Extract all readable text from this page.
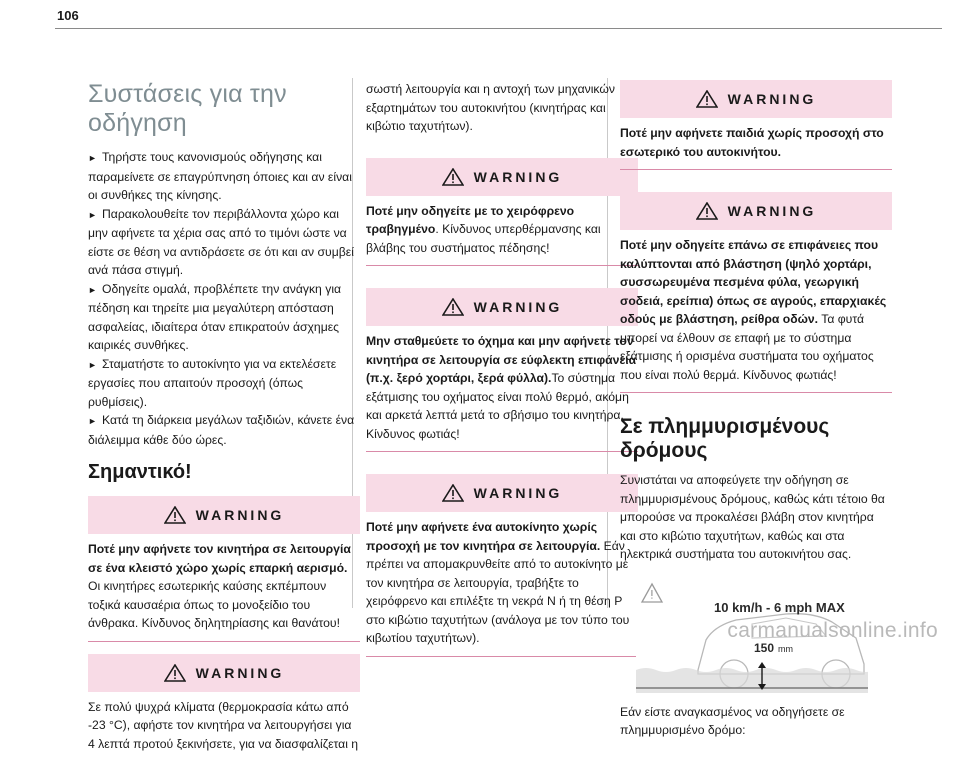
106
Συστάσεις για την οδήγηση

► Τηρήστε τους κανονισμούς οδήγησης και παραμείνετε σε επαγρύπνηση όποιες και αν είναι οι συνθήκες της κίνησης.

► Παρακολουθείτε τον περιβάλλοντα χώρο και μην αφήνετε τα χέρια σας από το τιμόνι ώστε να είστε σε θέση να αντιδράσετε σε ότι και αν συμβεί ανά πάσα στιγμή.

► Οδηγείτε ομαλά, προβλέπετε την ανάγκη για πέδηση και τηρείτε μια μεγαλύτερη απόσταση ασφαλείας, ιδιαίτερα όταν επικρατούν άσχημες καιρικές συνθήκες.

► Σταματήστε το αυτοκίνητο για να εκτελέσετε εργασίες που απαιτούν προσοχή (όπως ρυθμίσεις).

► Κατά τη διάρκεια μεγάλων ταξιδιών, κάνετε ένα διάλειμμα κάθε δύο ώρες.

Σημαντικό!
WARNING
Ποτέ μην αφήνετε τον κινητήρα σε λειτουργία σε ένα κλειστό χώρο χωρίς επαρκή αερισμό. Οι κινητήρες εσωτερικής καύσης εκπέμπουν τοξικά καυσαέρια όπως το μονοξείδιο του άνθρακα. Κίνδυνος δηλητηρίασης και θανάτου!
WARNING
Σε πολύ ψυχρά κλίματα (θερμοκρασία κάτω από -23 °C), αφήστε τον κινητήρα να λειτουργήσει για 4 λεπτά προτού ξεκινήσετε, για να διασφαλίζεται η

σωστή λειτουργία και η αντοχή των μηχανικών εξαρτημάτων του αυτοκινήτου (κινητήρας και κιβώτιο ταχυτήτων).

WARNING
Ποτέ μην οδηγείτε με το χειρόφρενο τραβηγμένο. Κίνδυνος υπερθέρμανσης και βλάβης του συστήματος πέδησης!
WARNING
Μην σταθμεύετε το όχημα και μην αφήνετε τον κινητήρα σε λειτουργία σε εύφλεκτη επιφάνεια (π.χ. ξερό χορτάρι, ξερά φύλλα).Το σύστημα εξάτμισης του οχήματος είναι πολύ θερμό, ακόμη και αρκετά λεπτά μετά το σβήσιμο του κινητήρα. Κίνδυνος φωτιάς!
WARNING
Ποτέ μην αφήνετε ένα αυτοκίνητο χωρίς προσοχή με τον κινητήρα σε λειτουργία. Εάν πρέπει να απομακρυνθείτε από το αυτοκίνητο με τον κινητήρα σε λειτουργία, τραβήξτε το χειρόφρενο και επιλέξτε τη νεκρά N ή τη θέση P στο κιβώτιο ταχυτήτων (ανάλογα με τον τύπο του κιβωτίου ταχυτήτων).
WARNING
Ποτέ μην αφήνετε παιδιά χωρίς προσοχή στο εσωτερικό του αυτοκινήτου.
WARNING
Ποτέ μην οδηγείτε επάνω σε επιφάνειες που καλύπτονται από βλάστηση (ψηλό χορτάρι, συσσωρευμένα πεσμένα φύλα, γεωργική σοδειά, ερείπια) όπως σε αγρούς, επαρχιακές οδούς με βλάστηση, ρείθρα οδών. Τα φυτά μπορεί να έλθουν σε επαφή με το σύστημα εξάτμισης ή ορισμένα συστήματα του οχήματος που είναι πολύ θερμά. Κίνδυνος φωτιάς!
Σε πλημμυρισμένους δρόμους

Συνιστάται να αποφεύγετε την οδήγηση σε πλημμυρισμένους δρόμους, καθώς κάτι τέτοιο θα μπορούσε να προκαλέσει βλάβη στον κινητήρα και στο κιβώτιο ταχυτήτων, καθώς και στα ηλεκτρικά συστήματα του αυτοκινήτου σας.

10 km/h - 6 mph MAX
150 mm

Εάν είστε αναγκασμένος να οδηγήσετε σε πλημμυρισμένο δρόμο:

carmanualsonline.info
